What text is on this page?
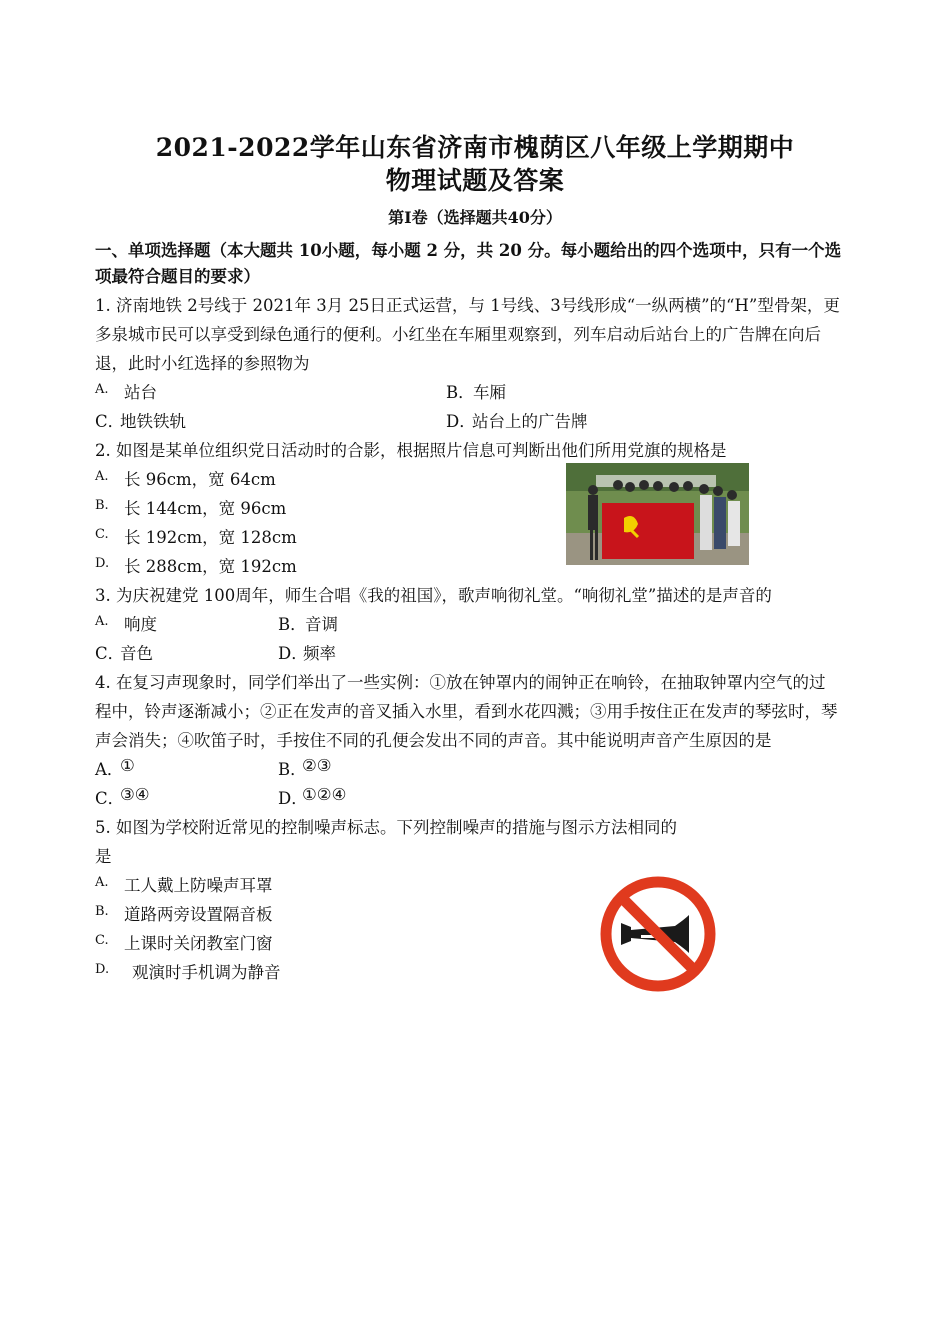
2021-2022学年山东省济南市槐荫区八年级上学期期中
物理试题及答案
第Ⅰ卷（选择题共40分）
一、单项选择题（本大题共 10小题，每小题 2 分，共 20 分。每小题给出的四个选项中，只有一个选
项最符合题目的要求）
1. 济南地铁 2号线于 2021年 3月 25日正式运营，与 1号线、3号线形成“一纵两横”的“H”型骨架，更
多泉城市民可以享受到绿色通行的便利。小红坐在车厢里观察到，列车启动后站台上的广告牌在向后
退，此时小红选择的参照物为
A. 站台	B．
车厢
C．
地铁铁轨	D．
站台上的广告牌
2. 如图是某单位组织党日活动时的合影，根据照片信息可判断出他们所用党旗的规格是
A. 长 96cm，宽 64cm
B. 长 144cm，宽 96cm
C. 长 192cm，宽 128cm
D. 长 288cm，宽 192cm
3. 为庆祝建党 100周年，师生合唱《我的祖国》，歌声响彻礼堂。“响彻礼堂”描述的是声音的
A. 响度	B．
音调
C．
音色	D．
频率
4. 在复习声现象时，同学们举出了一些实例：①放在钟罩内的闹钟正在响铃，在抽取钟罩内空气的过
程中，铃声逐渐减小；②正在发声的音叉插入水里，看到水花四溅；③用手按住正在发声的琴弦时，琴
声会消失；④吹笛子时，手按住不同的孔便会发出不同的声音。其中能说明声音产生原因的是
A．
①	B．
②③
C．
③④	D．
①②④
5. 如图为学校附近常见的控制噪声标志。下列控制噪声的措施与图示方法相同的
是
A. 工人戴上防噪声耳罩
B. 道路两旁设置隔音板
C. 上课时关闭教室门窗
D. 观演时手机调为静音
